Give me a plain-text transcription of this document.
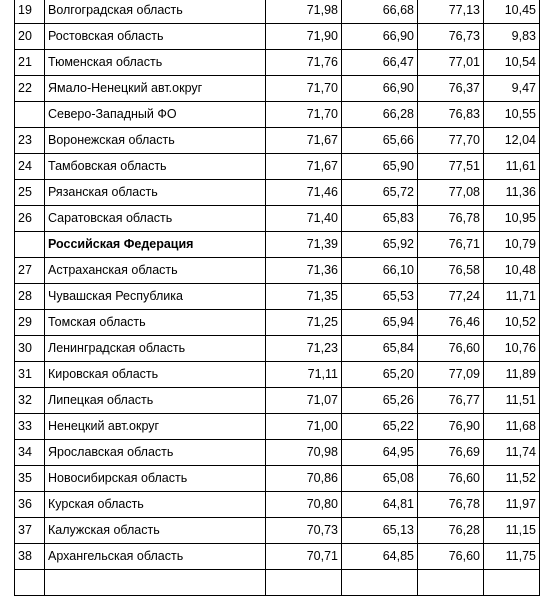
19	Волгоградская область	71,98	66,68	77,13	10,45
20	Ростовская область	71,90	66,90	76,73	9,83
21	Тюменская область	71,76	66,47	77,01	10,54
22	Ямало-Ненецкий авт.округ	71,70	66,90	76,37	9,47
	Северо-Западный ФО	71,70	66,28	76,83	10,55
23	Воронежская область	71,67	65,66	77,70	12,04
24	Тамбовская область	71,67	65,90	77,51	11,61
25	Рязанская область	71,46	65,72	77,08	11,36
26	Саратовская область	71,40	65,83	76,78	10,95
	Российская Федерация	71,39	65,92	76,71	10,79
27	Астраханская область	71,36	66,10	76,58	10,48
28	Чувашская Республика	71,35	65,53	77,24	11,71
29	Томская область	71,25	65,94	76,46	10,52
30	Ленинградская область	71,23	65,84	76,60	10,76
31	Кировская область	71,11	65,20	77,09	11,89
32	Липецкая область	71,07	65,26	76,77	11,51
33	Ненецкий авт.округ	71,00	65,22	76,90	11,68
34	Ярославская область	70,98	64,95	76,69	11,74
35	Новосибирская область	70,86	65,08	76,60	11,52
36	Курская область	70,80	64,81	76,78	11,97
37	Калужская область	70,73	65,13	76,28	11,15
38	Архангельская область	70,71	64,85	76,60	11,75
